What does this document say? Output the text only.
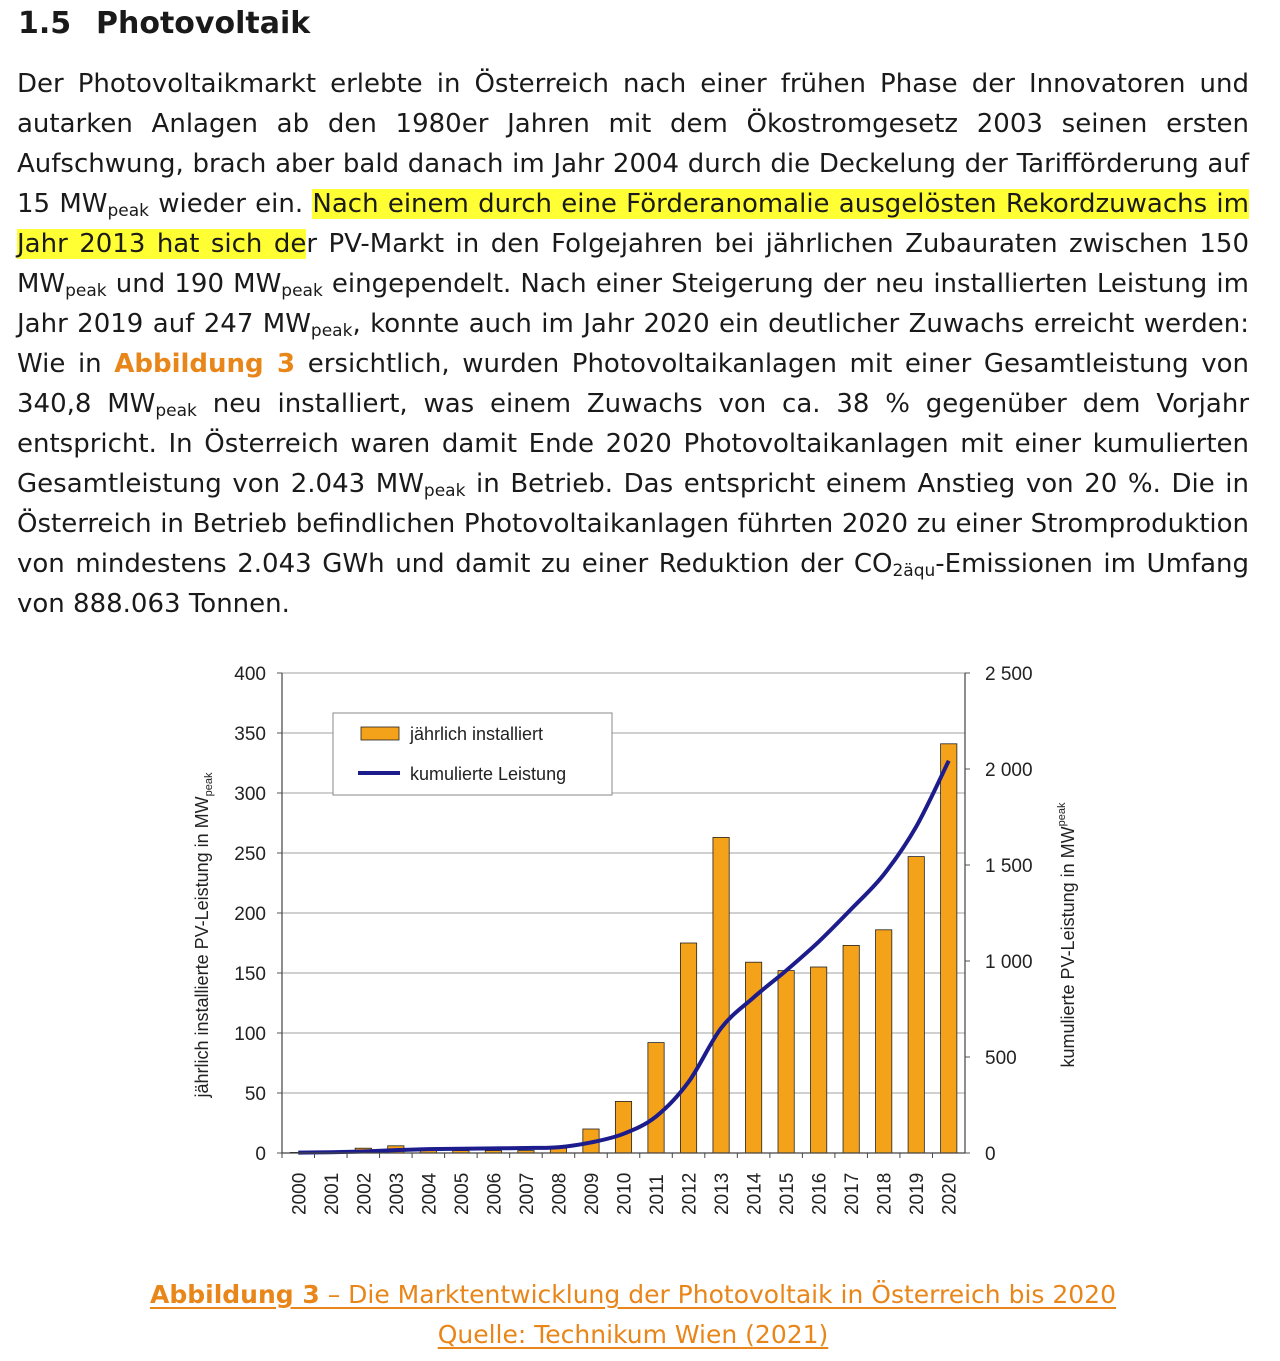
1.5 Photovoltaik

Der Photovoltaikmarkt erlebte in Österreich nach einer frühen Phase der Innovatoren und autarken Anlagen ab den 1980er Jahren mit dem Ökostromgesetz 2003 seinen ersten Aufschwung, brach aber bald danach im Jahr 2004 durch die Deckelung der Tarifförderung auf 15 $MW_{peak}$ wieder ein. Nach einem durch eine Förderanomalie ausgelösten Rekordzuwachs im Jahr 2013 hat sich der PV-Markt in den Folgejahren bei jährlichen Zubauraten zwischen 150 $MW_{peak}$ und 190 $MW_{peak}$ eingependelt. Nach einer Steigerung der neu installierten Leistung im Jahr 2019 auf 247 $MW_{peak}$, konnte auch im Jahr 2020 ein deutlicher Zuwachs erreicht werden: Wie in Abbildung 3 ersichtlich, wurden Photovoltaikanlagen mit einer Gesamtleistung von 340,8 $MW_{peak}$ neu installiert, was einem Zuwachs von ca. 38 % gegenüber dem Vorjahr entspricht. In Österreich waren damit Ende 2020 Photovoltaikanlagen mit einer kumulierten Gesamtleistung von 2.043 $MW_{peak}$ in Betrieb. Das entspricht einem Anstieg von 20 %. Die in Österreich in Betrieb befindlichen Photovoltaikanlagen führten 2020 zu einer Stromproduktion von mindestens 2.043 GWh und damit zu einer Reduktion der $CO_{2äqu}$-Emissionen im Umfang von 888.063 Tonnen.

0
50
100
150
200
250
300
350
400
0
500
1 000
1 500
2 000
2 500
2000 2001 2002 2003 2004 2005 2006 2007 2008 2009 2010 2011 2012 2013 2014 2015 2016 2017 2018 2019 2020
jährlich installierte PV-Leistung in $MW_{peak}$
kumulierte PV-Leistung in $MW^{peak}$
jährlich installiert
kumulierte Leistung
Abbildung 3 – Die Marktentwicklung der Photovoltaik in Österreich bis 2020
Quelle: Technikum Wien (2021)
